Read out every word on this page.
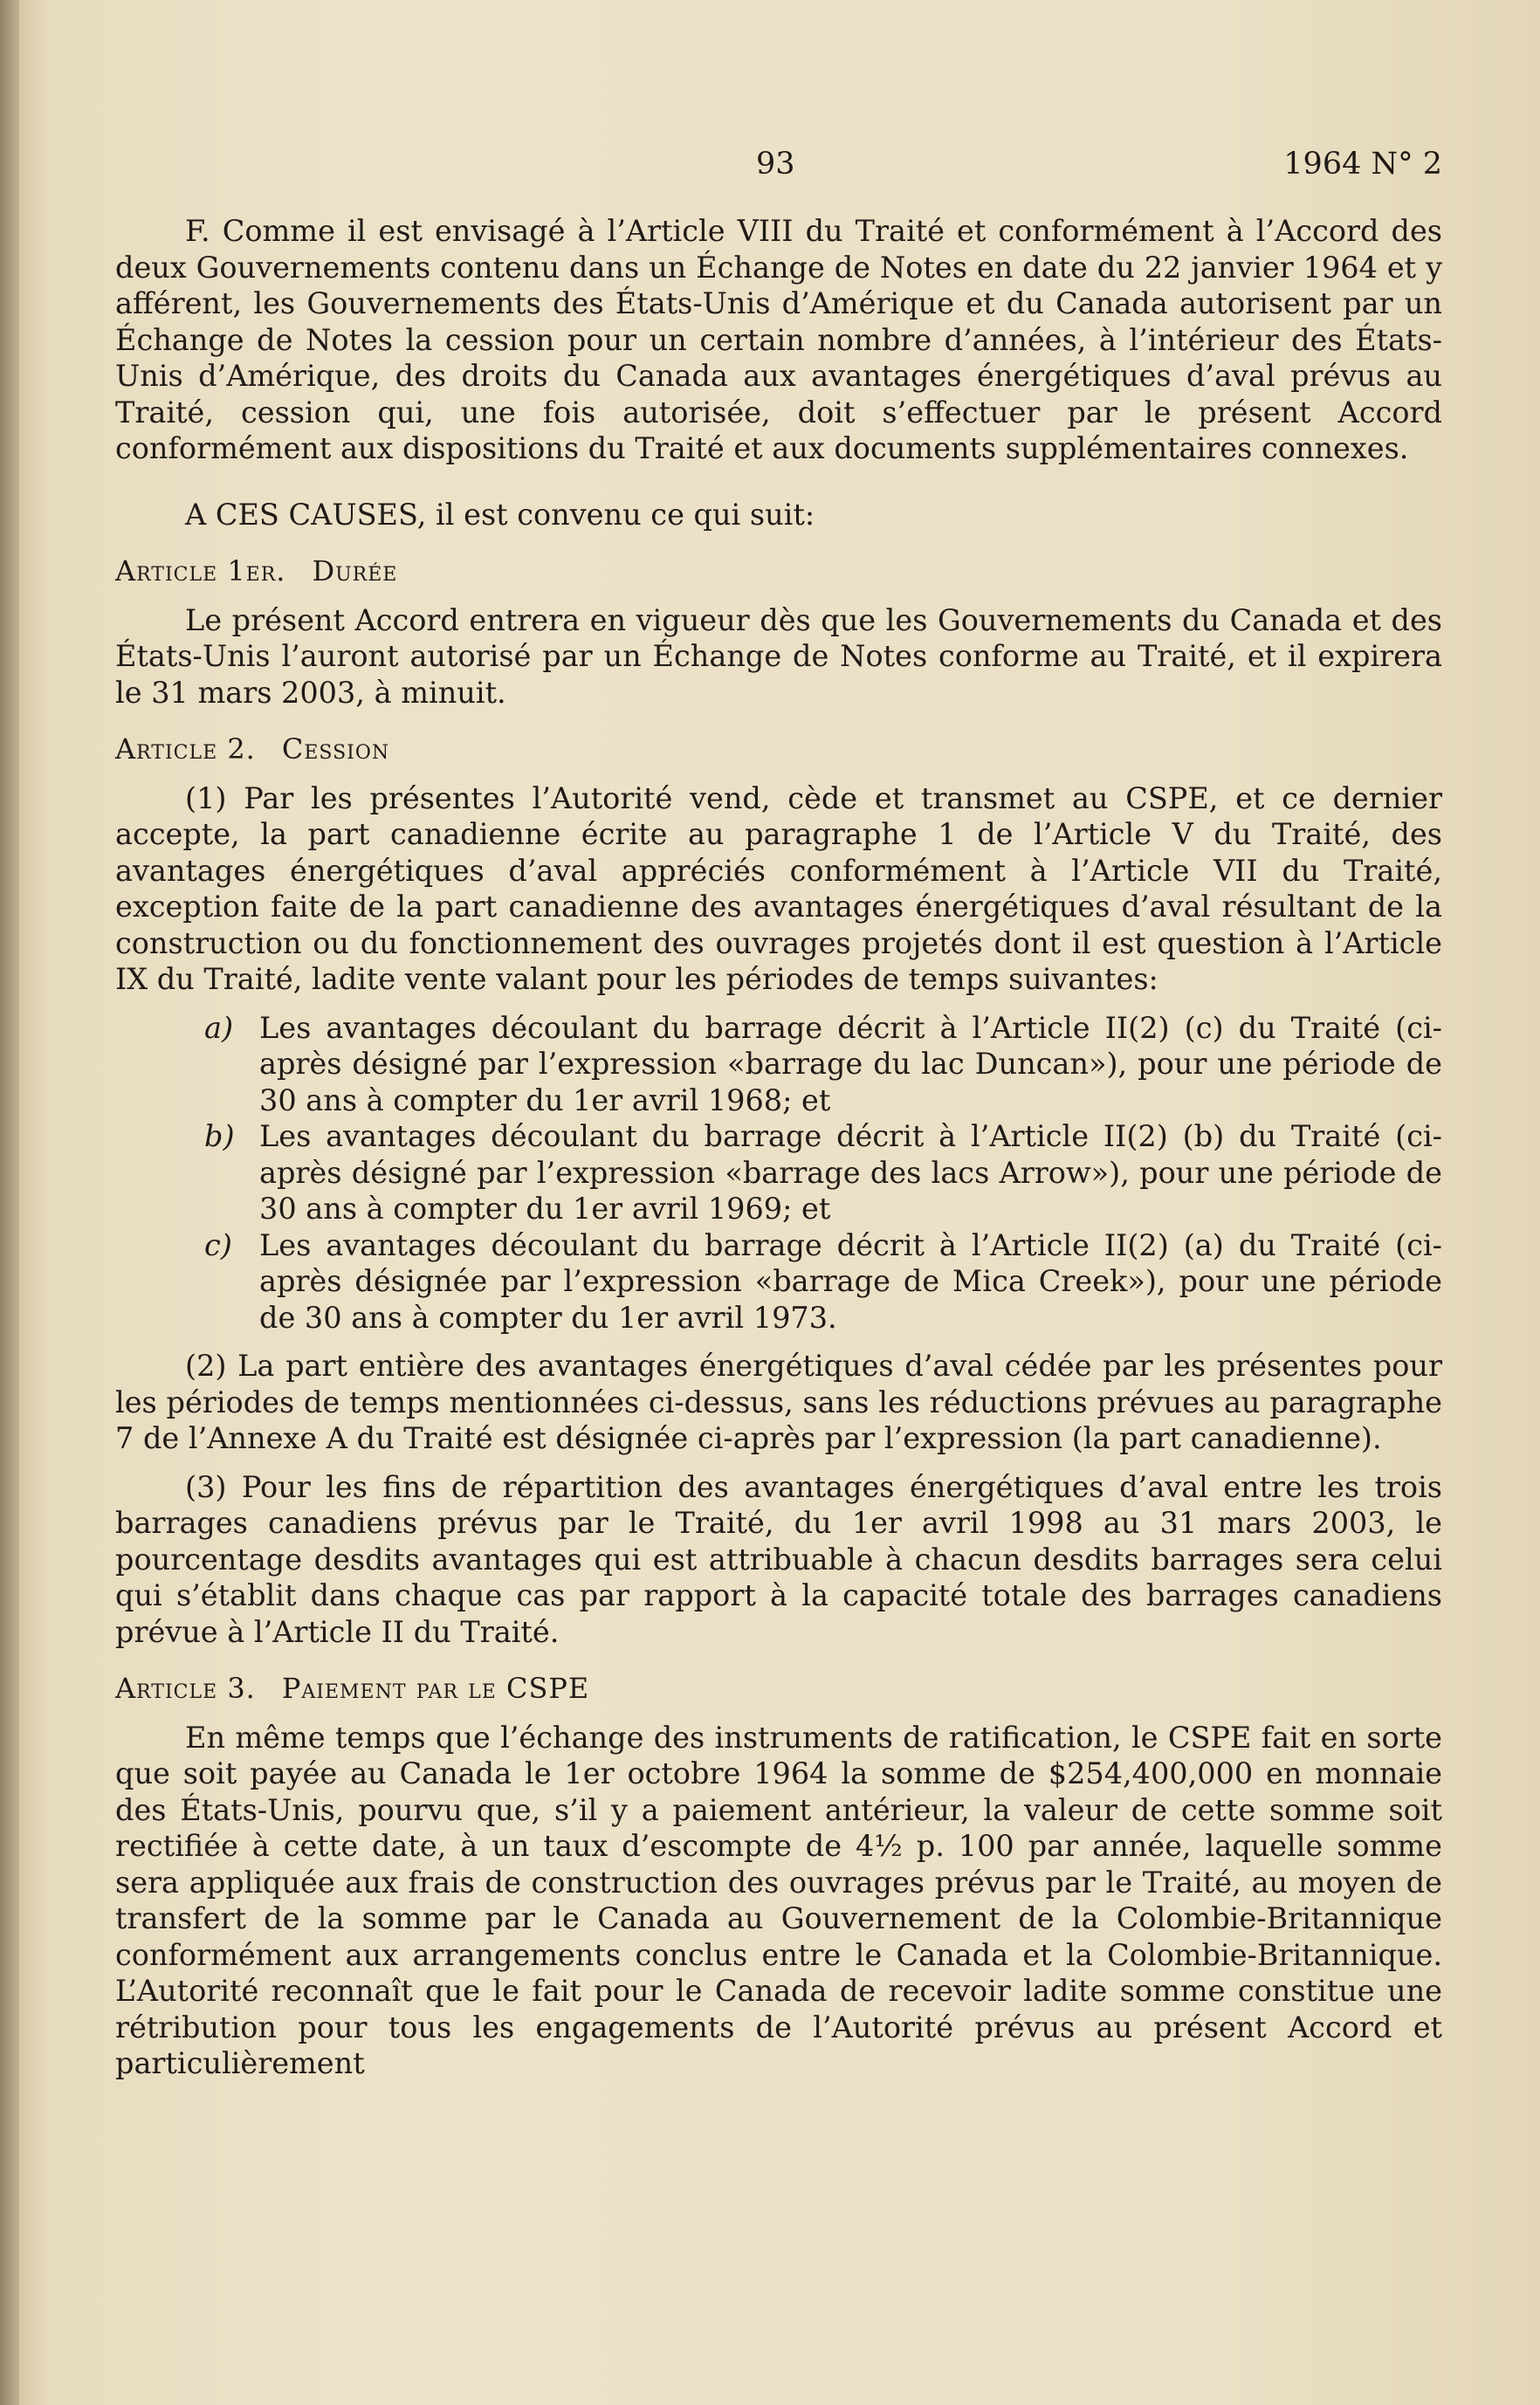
93	1964 N° 2

F. Comme il est envisagé à l’Article VIII du Traité et conformément à l’Accord des deux Gouvernements contenu dans un Échange de Notes en date du 22 janvier 1964 et y afférent, les Gouvernements des États-Unis d’Amérique et du Canada autorisent par un Échange de Notes la cession pour un certain nombre d’années, à l’intérieur des États-Unis d’Amérique, des droits du Canada aux avantages énergétiques d’aval prévus au Traité, cession qui, une fois autorisée, doit s’effectuer par le présent Accord conformément aux dispositions du Traité et aux documents supplémentaires connexes.

A CES CAUSES, il est convenu ce qui suit:

Article 1er. Durée

Le présent Accord entrera en vigueur dès que les Gouvernements du Canada et des États-Unis l’auront autorisé par un Échange de Notes conforme au Traité, et il expirera le 31 mars 2003, à minuit.

Article 2. Cession

(1) Par les présentes l’Autorité vend, cède et transmet au CSPE, et ce dernier accepte, la part canadienne écrite au paragraphe 1 de l’Article V du Traité, des avantages énergétiques d’aval appréciés conformément à l’Article VII du Traité, exception faite de la part canadienne des avantages énergétiques d’aval résultant de la construction ou du fonctionnement des ouvrages projetés dont il est question à l’Article IX du Traité, ladite vente valant pour les périodes de temps suivantes:

a) Les avantages découlant du barrage décrit à l’Article II(2) (c) du Traité (ci-après désigné par l’expression «barrage du lac Duncan»), pour une période de 30 ans à compter du 1er avril 1968; et
b) Les avantages découlant du barrage décrit à l’Article II(2) (b) du Traité (ci-après désigné par l’expression «barrage des lacs Arrow»), pour une période de 30 ans à compter du 1er avril 1969; et
c) Les avantages découlant du barrage décrit à l’Article II(2) (a) du Traité (ci-après désignée par l’expression «barrage de Mica Creek»), pour une période de 30 ans à compter du 1er avril 1973.

(2) La part entière des avantages énergétiques d’aval cédée par les présentes pour les périodes de temps mentionnées ci-dessus, sans les réductions prévues au paragraphe 7 de l’Annexe A du Traité est désignée ci-après par l’expression (la part canadienne).

(3) Pour les fins de répartition des avantages énergétiques d’aval entre les trois barrages canadiens prévus par le Traité, du 1er avril 1998 au 31 mars 2003, le pourcentage desdits avantages qui est attribuable à chacun desdits barrages sera celui qui s’établit dans chaque cas par rapport à la capacité totale des barrages canadiens prévue à l’Article II du Traité.

Article 3. Paiement par le CSPE

En même temps que l’échange des instruments de ratification, le CSPE fait en sorte que soit payée au Canada le 1er octobre 1964 la somme de $254,400,000 en monnaie des États-Unis, pourvu que, s’il y a paiement antérieur, la valeur de cette somme soit rectifiée à cette date, à un taux d’escompte de 4½ p. 100 par année, laquelle somme sera appliquée aux frais de construction des ouvrages prévus par le Traité, au moyen de transfert de la somme par le Canada au Gouvernement de la Colombie-Britannique conformément aux arrangements conclus entre le Canada et la Colombie-Britannique. L’Autorité reconnaît que le fait pour le Canada de recevoir ladite somme constitue une rétribution pour tous les engagements de l’Autorité prévus au présent Accord et particulièrement
